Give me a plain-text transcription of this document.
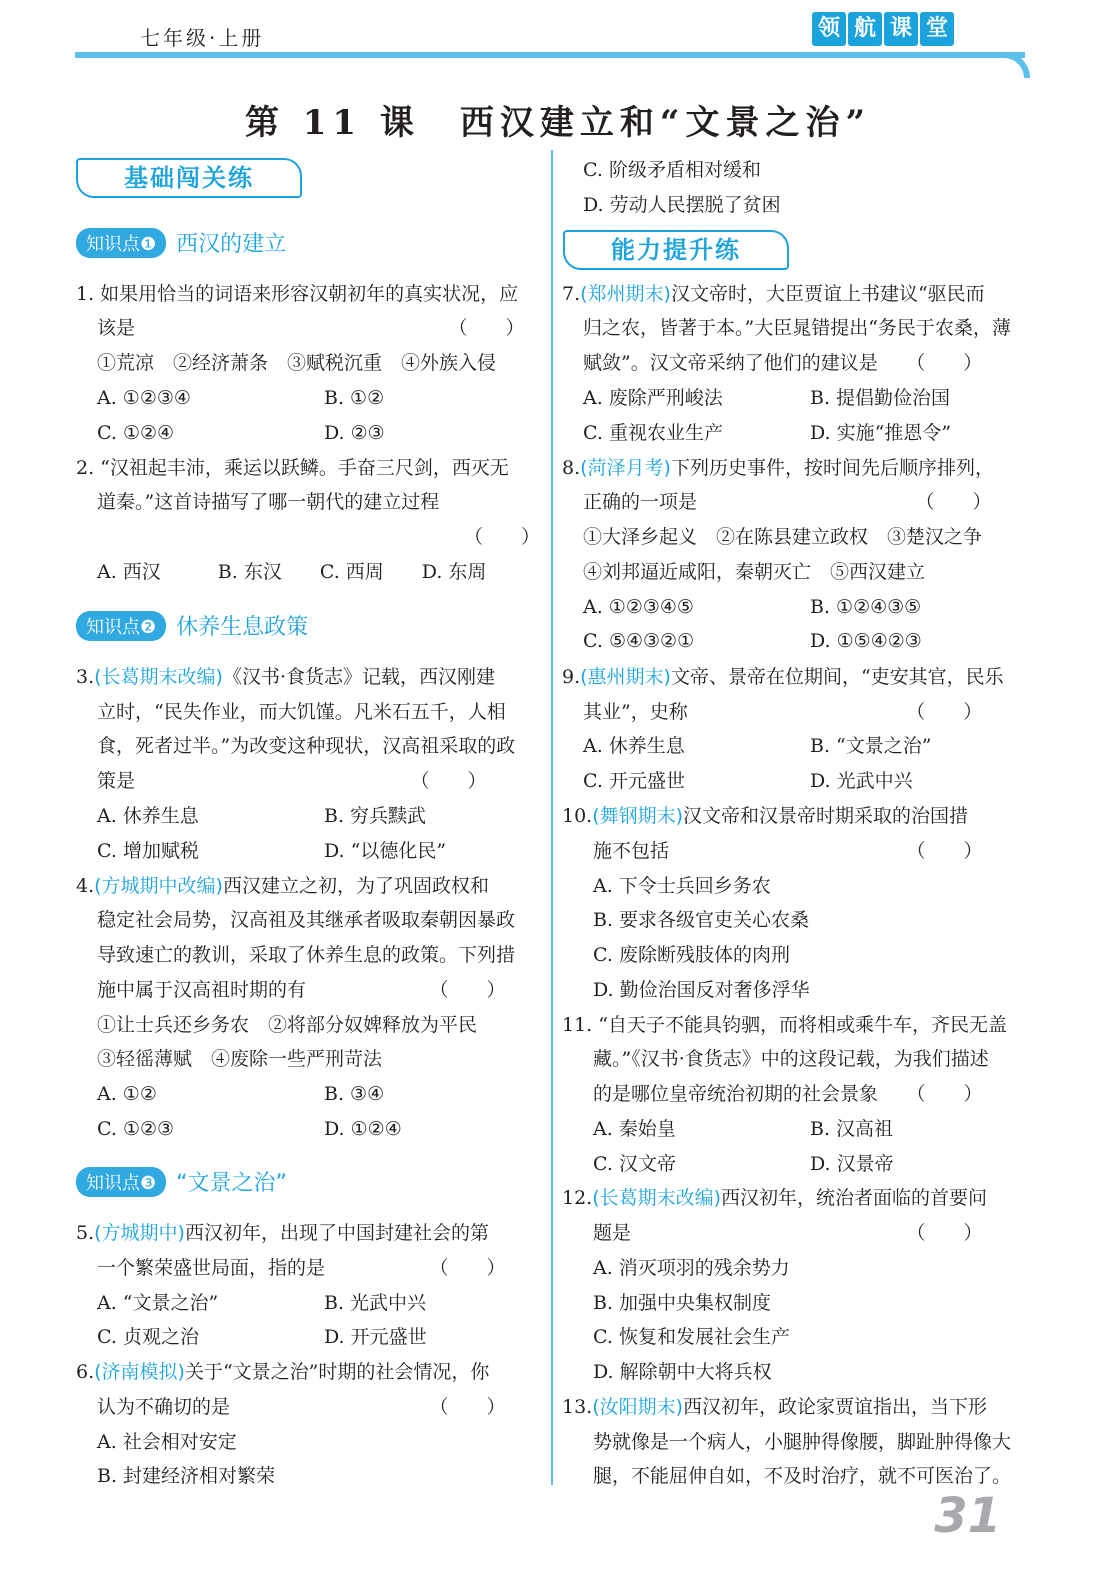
七年级·上册	领 航 课 堂
第 11 课　西汉建立和“文景之治”
基础闯关练
知识点❶ 西汉的建立
1. 如果用恰当的词语来形容汉朝初年的真实状况，应
该是　　　　　　　　　　　　　　　　　（　　）
①荒凉　②经济萧条　③赋税沉重　④外族入侵
A. ①②③④	B. ①②
C. ①②④	D. ②③
2. “汉祖起丰沛，乘运以跃鳞。手奋三尺剑，西灭无
道秦。”这首诗描写了哪一朝代的建立过程
（　　）
A. 西汉　　　B. 东汉　　C. 西周　　D. 东周
知识点❷ 休养生息政策
3.(长葛期末改编)《汉书·食货志》记载，西汉刚建
立时，“民失作业，而大饥馑。凡米石五千，人相
食，死者过半。”为改变这种现状，汉高祖采取的政
策是　　　　　　　　　　　　　　　（　　）
A. 休养生息	B. 穷兵黩武
C. 增加赋税	D. “以德化民”
4.(方城期中改编)西汉建立之初，为了巩固政权和
稳定社会局势，汉高祖及其继承者吸取秦朝因暴政
导致速亡的教训，采取了休养生息的政策。下列措
施中属于汉高祖时期的有　　　　　　　（　　）
①让士兵还乡务农　②将部分奴婢释放为平民
③轻徭薄赋　④废除一些严刑苛法
A. ①②	B. ③④
C. ①②③	D. ①②④
知识点❸ “文景之治”
5.(方城期中)西汉初年，出现了中国封建社会的第
一个繁荣盛世局面，指的是　　　　　　（　　）
A. “文景之治”	B. 光武中兴
C. 贞观之治	D. 开元盛世
6.(济南模拟)关于“文景之治”时期的社会情况，你
认为不确切的是　　　　　　　　　　　（　　）
A. 社会相对安定
B. 封建经济相对繁荣
C. 阶级矛盾相对缓和
D. 劳动人民摆脱了贫困
能力提升练
7.(郑州期末)汉文帝时，大臣贾谊上书建议“驱民而
归之农，皆著于本。”大臣晁错提出“务民于农桑，薄
赋敛”。汉文帝采纳了他们的建议是　　（　　）
A. 废除严刑峻法	B. 提倡勤俭治国
C. 重视农业生产	D. 实施“推恩令”
8.(菏泽月考)下列历史事件，按时间先后顺序排列，
正确的一项是　　　　　　　　　　　　（　　）
①大泽乡起义　②在陈县建立政权　③楚汉之争
④刘邦逼近咸阳，秦朝灭亡　⑤西汉建立
A. ①②③④⑤	B. ①②④③⑤
C. ⑤④③②①	D. ①⑤④②③
9.(惠州期末)文帝、景帝在位期间，“吏安其官，民乐
其业”，史称　　　　　　　　　　　　（　　）
A. 休养生息	B. “文景之治”
C. 开元盛世	D. 光武中兴
10.(舞钢期末)汉文帝和汉景帝时期采取的治国措
施不包括　　　　　　　　　　　　　（　　）
A. 下令士兵回乡务农
B. 要求各级官吏关心农桑
C. 废除断残肢体的肉刑
D. 勤俭治国反对奢侈浮华
11. “自天子不能具钧驷，而将相或乘牛车，齐民无盖
藏。”《汉书·食货志》中的这段记载，为我们描述
的是哪位皇帝统治初期的社会景象　　（　　）
A. 秦始皇	B. 汉高祖
C. 汉文帝	D. 汉景帝
12.(长葛期末改编)西汉初年，统治者面临的首要问
题是　　　　　　　　　　　　　　　（　　）
A. 消灭项羽的残余势力
B. 加强中央集权制度
C. 恢复和发展社会生产
D. 解除朝中大将兵权
13.(汝阳期末)西汉初年，政论家贾谊指出，当下形
势就像是一个病人，小腿肿得像腰，脚趾肿得像大
腿，不能屈伸自如，不及时治疗，就不可医治了。
31
